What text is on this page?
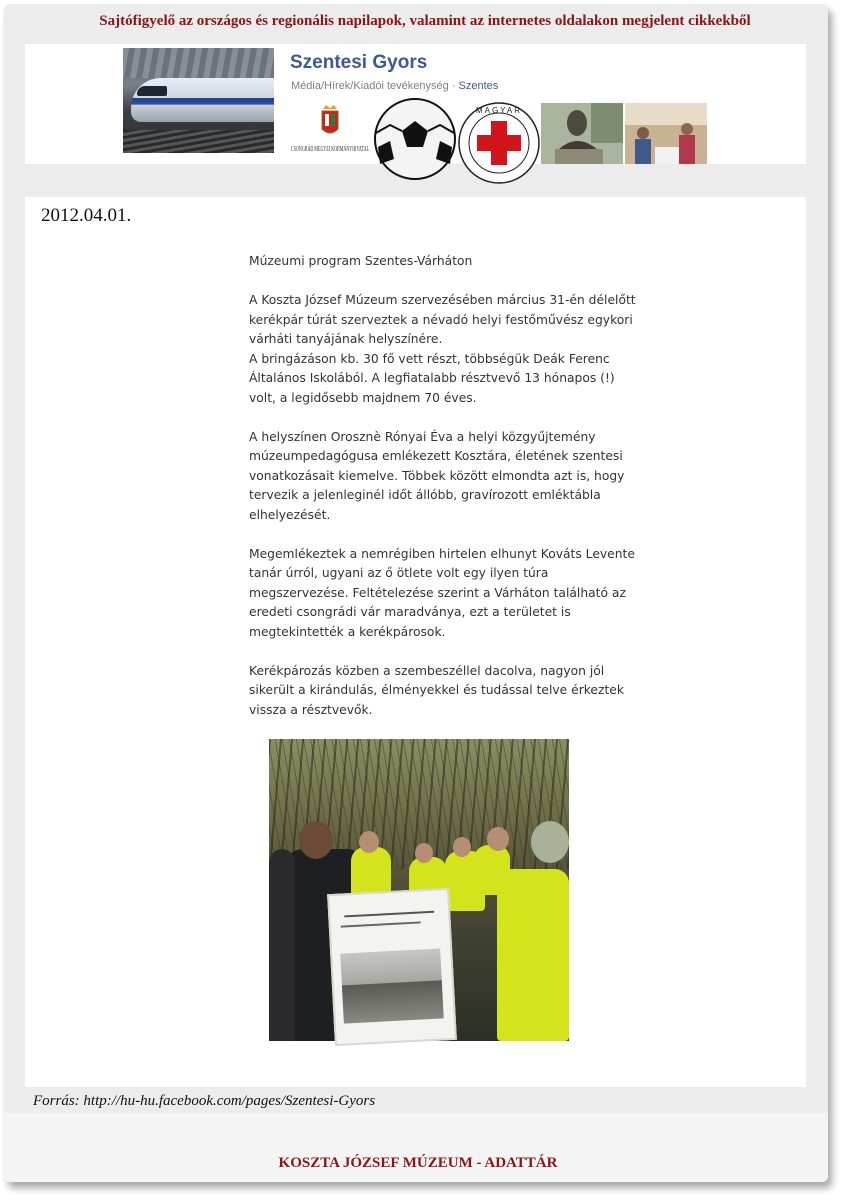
Sajtófigyelő az országos és regionális napilapok, valamint az internetes oldalakon megjelent cikkekből
Szentesi Gyors
Média/Hírek/Kiadói tevékenység · Szentes
CSONGRÁD MEGYEI KORMÁNYHIVATAL
MAGYAR
2012.04.01.

Múzeumi program Szentes-Várháton

A Koszta József Múzeum szervezésében március 31-én délelőtt kerékpár túrát szerveztek a névadó helyi festőművész egykori várháti tanyájának helyszínére.
A bringázáson kb. 30 fő vett részt, többségük Deák Ferenc Általános Iskolából. A legfiatalabb résztvevő 13 hónapos (!) volt, a legidősebb majdnem 70 éves.

A helyszínen Orosznè Rónyai Éva a helyi közgyűjtemény múzeumpedagógusa emlékezett Kosztára, életének szentesi vonatkozásait kiemelve. Többek között elmondta azt is, hogy tervezik a jelenleginél időt állóbb, gravírozott emléktábla elhelyezését.

Megemlékeztek a nemrégiben hirtelen elhunyt Kováts Levente tanár úrról, ugyani az ő ötlete volt egy ilyen túra megszervezése. Feltételezése szerint a Várháton található az eredeti csongrádi vár maradványa, ezt a területet is megtekintették a kerékpárosok.

Kerékpározás közben a szembeszéllel dacolva, nagyon jól sikerült a kirándulás, élményekkel és tudással telve érkeztek vissza a résztvevők.

Forrás: http://hu-hu.facebook.com/pages/Szentesi-Gyors
KOSZTA JÓZSEF MÚZEUM - ADATTÁR
